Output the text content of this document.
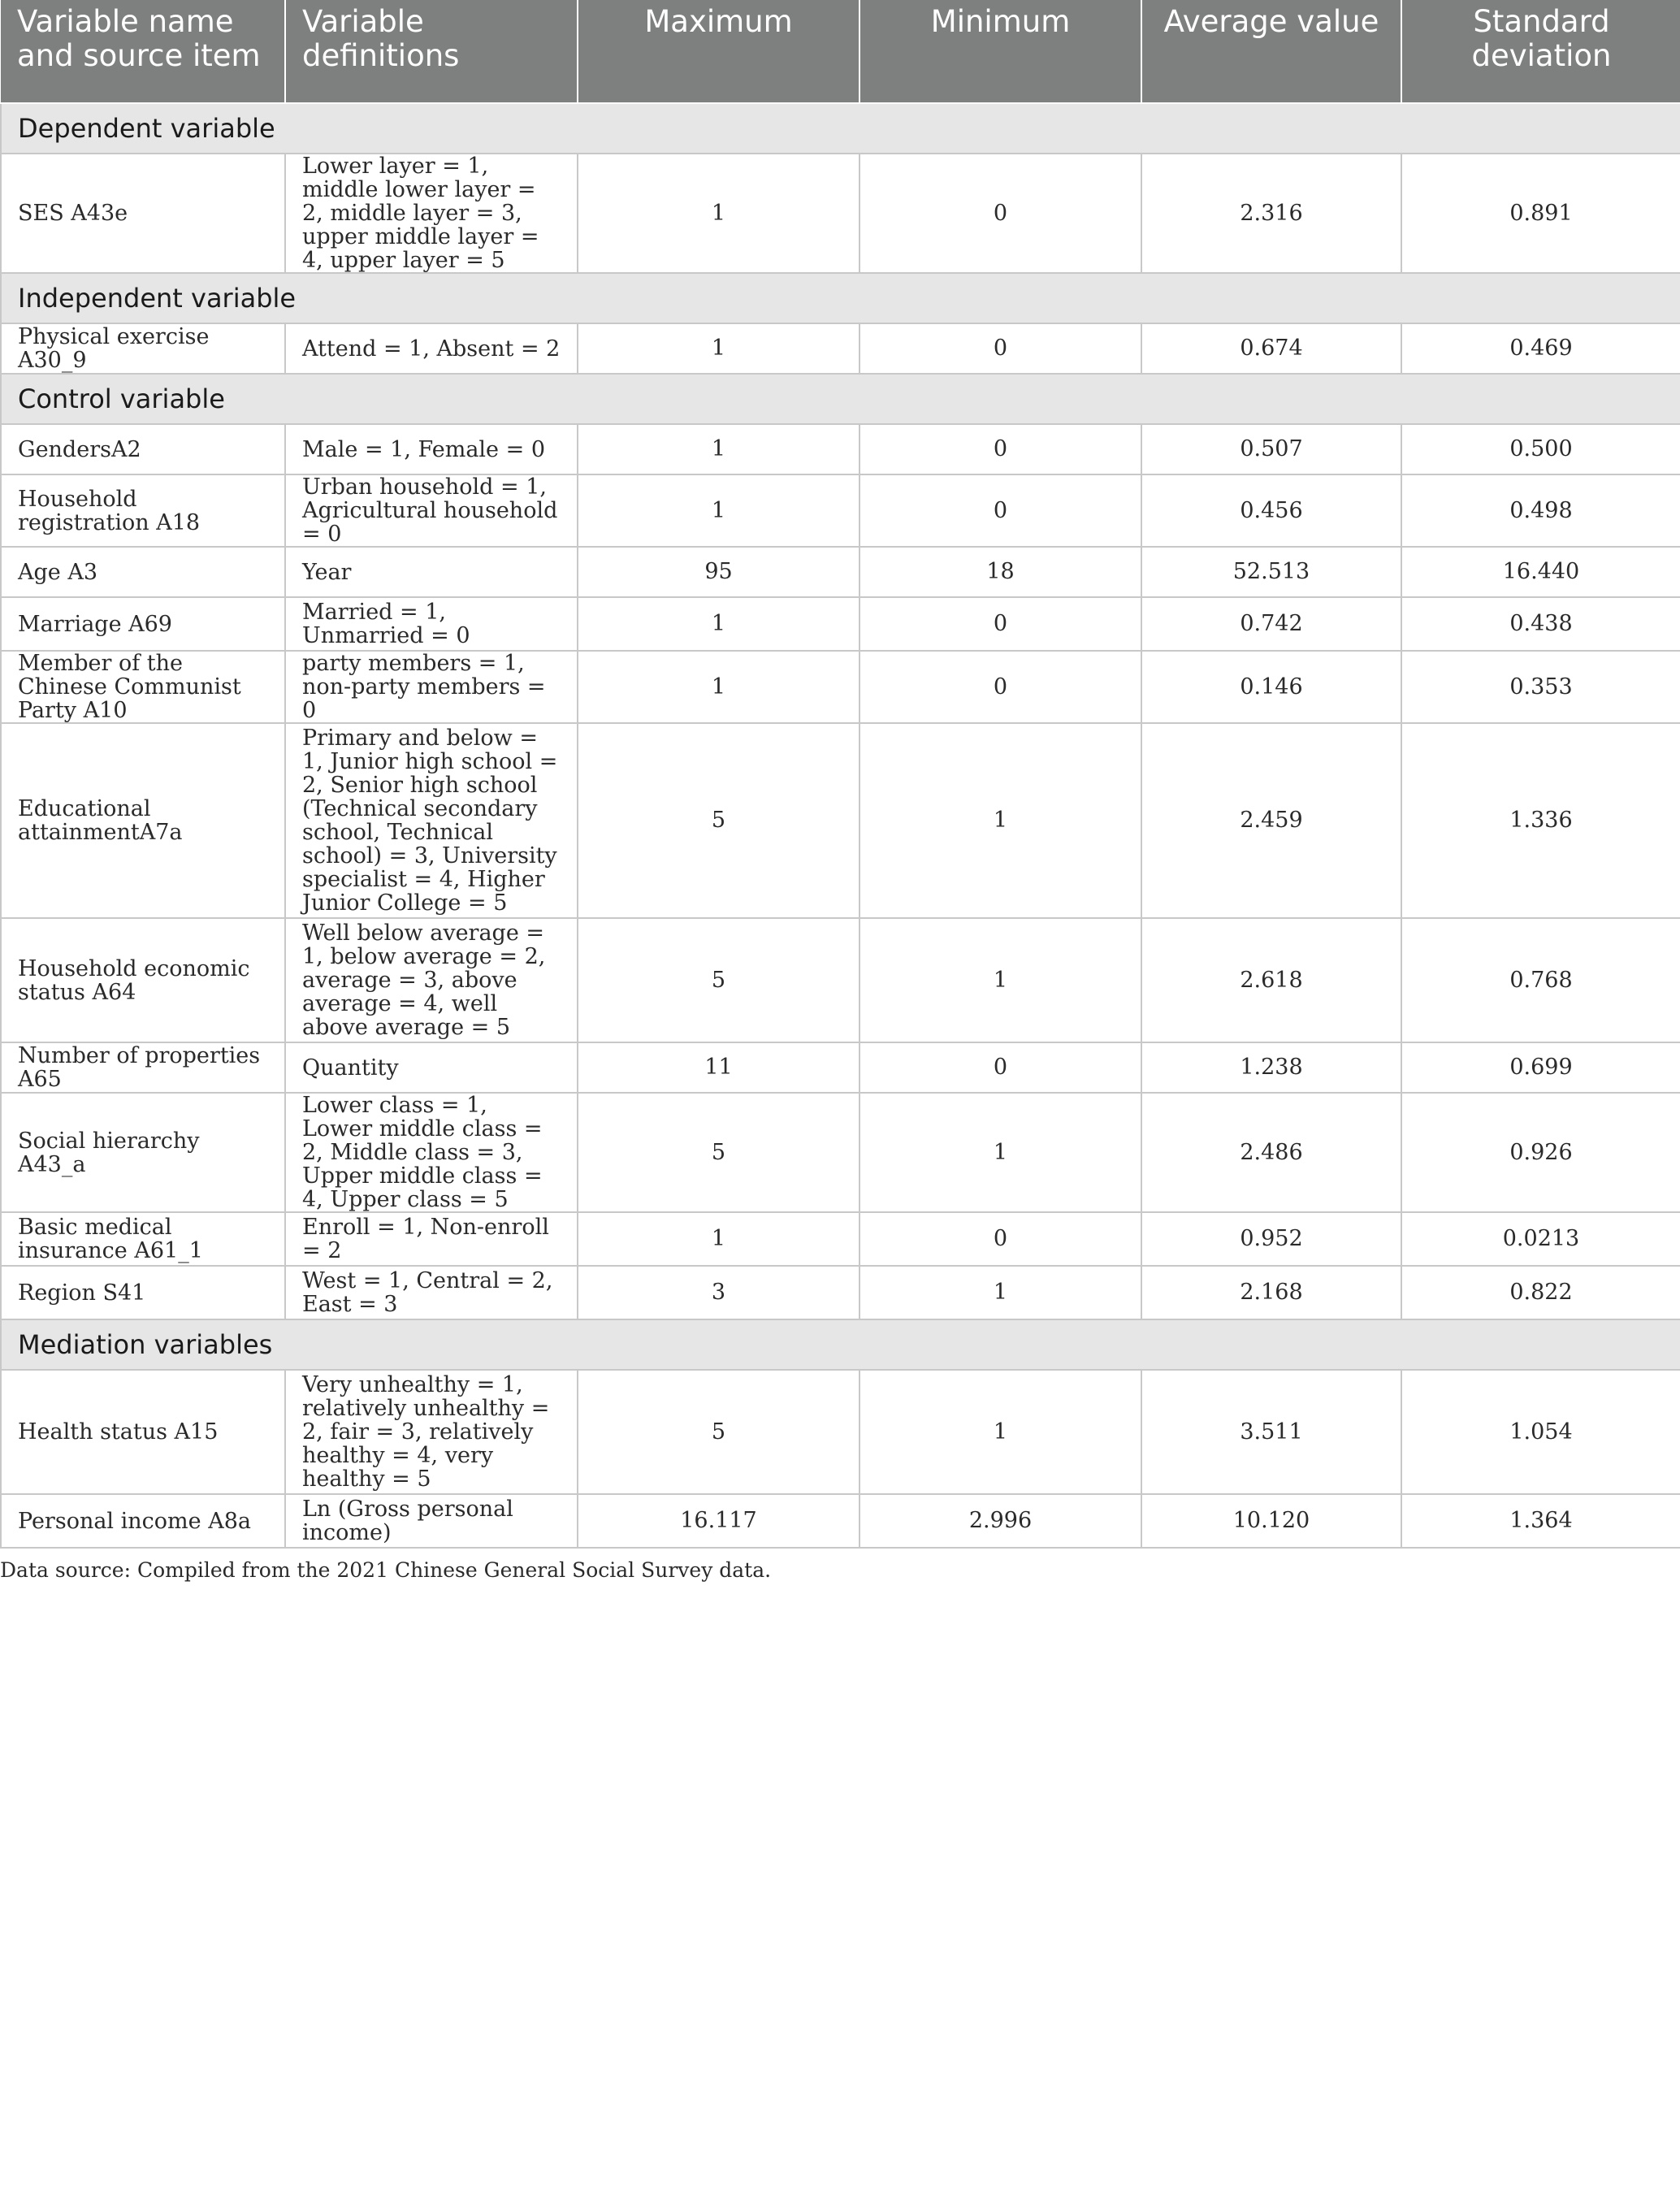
Variable name and source item	Variable definitions	Maximum	Minimum	Average value	Standard deviation
Dependent variable					
SES A43e	Lower layer = 1, middle lower layer = 2, middle layer = 3, upper middle layer = 4, upper layer = 5	1	0	2.316	0.891
Independent variable					
Physical exercise A30_9	Attend = 1, Absent = 2	1	0	0.674	0.469
Control variable					
GendersA2	Male = 1, Female = 0	1	0	0.507	0.500
Household registration A18	Urban household = 1, Agricultural household = 0	1	0	0.456	0.498
Age A3	Year	95	18	52.513	16.440
Marriage A69	Married = 1, Unmarried = 0	1	0	0.742	0.438
Member of the Chinese Communist Party A10	party members = 1, non-party members = 0	1	0	0.146	0.353
Educational attainmentA7a	Primary and below = 1, Junior high school = 2, Senior high school (Technical secondary school, Technical school) = 3, University specialist = 4, Higher Junior College = 5	5	1	2.459	1.336
Household economic status A64	Well below average = 1, below average = 2, average = 3, above average = 4, well above average = 5	5	1	2.618	0.768
Number of properties A65	Quantity	11	0	1.238	0.699
Social hierarchy A43_a	Lower class = 1, Lower middle class = 2, Middle class = 3, Upper middle class = 4, Upper class = 5	5	1	2.486	0.926
Basic medical insurance A61_1	Enroll = 1, Non-enroll = 2	1	0	0.952	0.0213
Region S41	West = 1, Central = 2, East = 3	3	1	2.168	0.822
Mediation variables					
Health status A15	Very unhealthy = 1, relatively unhealthy = 2, fair = 3, relatively healthy = 4, very healthy = 5	5	1	3.511	1.054
Personal income A8a	Ln (Gross personal income)	16.117	2.996	10.120	1.364
Data source: Compiled from the 2021 Chinese General Social Survey data.
